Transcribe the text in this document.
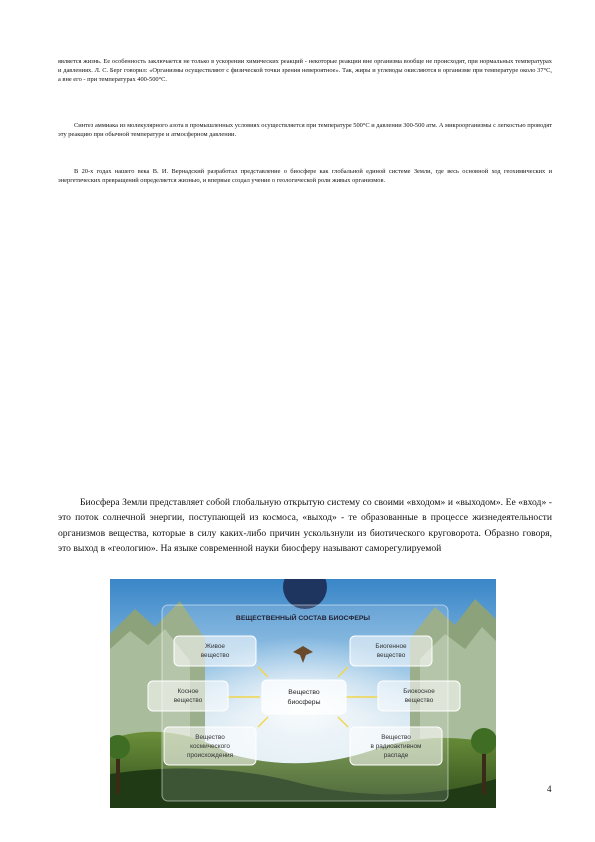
является жизнь. Ее особенность заключается не только в ускорении химических реакций - некоторые реакции вне организма вообще не происходят, при нормальных температурах и давлениях. Л. С. Берг говорил: «Организмы осуществляют с физической точки зрения невероятное». Так, жиры и углеводы окисляются в организме при температуре около 37°С, а вне его - при температурах 400-500°С.
Синтез аммиака из молекулярного азота в промышленных условиях осуществляется при температуре 500°С и давлении 300-500 атм. А микроорганизмы с легкостью проводят эту реакцию при обычной температуре и атмосферном давлении.
В 20-х годах нашего века В. И. Вернадский разработал представление о биосфере как глобальной единой системе Земли, где весь основной ход геохимических и энергетических превращений определяется жизнью, и впервые создал учение о геологической роли живых организмов.
Биосфера Земли представляет собой глобальную открытую систему со своими «входом» и «выходом». Ее «вход» - это поток солнечной энергии, поступающей из космоса, «выход» - те образованные в процессе жизнедеятельности организмов вещества, которые в силу каких-либо причин ускользнули из биотического круговорота. Образно говоря, это выход в «геологию». На языке современной науки биосферу называют саморегулируемой
ВЕЩЕСТВЕННЫЙ СОСТАВ БИОСФЕРЫ
Живое
вещество
Биогенное
вещество
Косное
вещество
Вещество
биосферы
Биокосное
вещество
Вещество
космического
происхождения
Вещество
в радиоактивном
распаде
4
